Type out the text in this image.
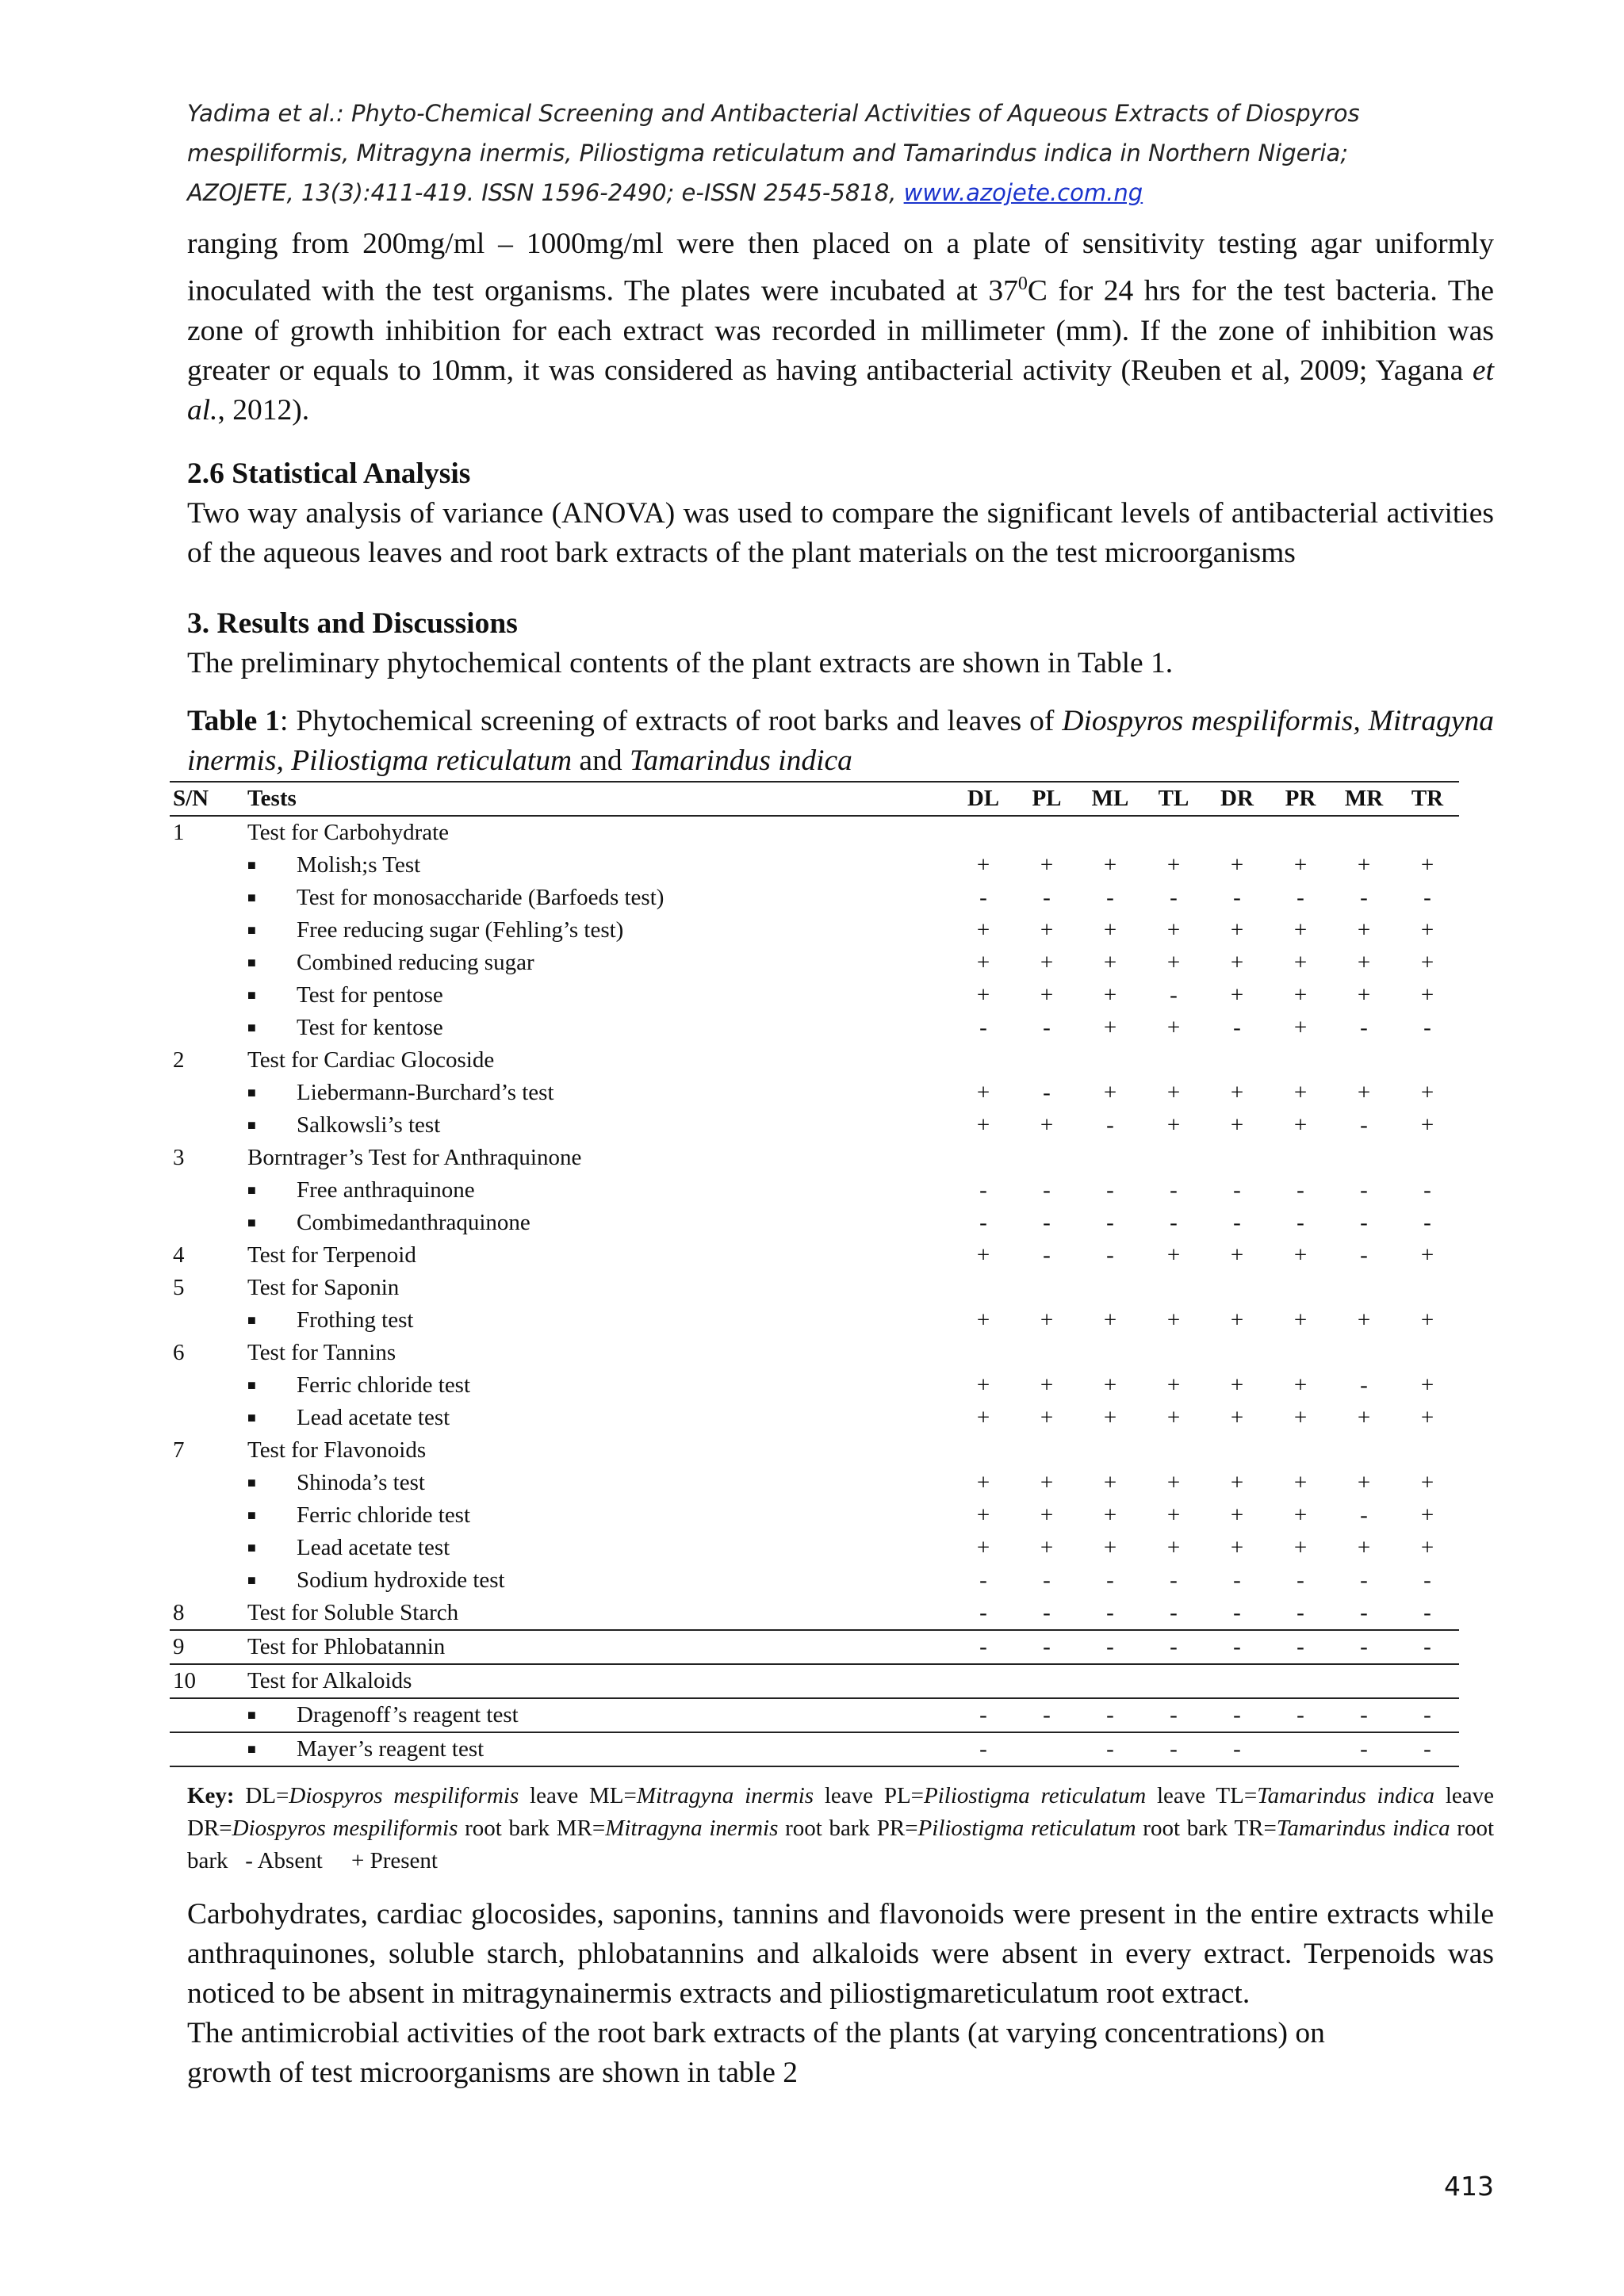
Yadima et al.: Phyto-Chemical Screening and Antibacterial Activities of Aqueous Extracts of Diospyros
mespiliformis, Mitragyna inermis, Piliostigma reticulatum and Tamarindus indica in Northern Nigeria;
AZOJETE, 13(3):411-419. ISSN 1596-2490; e-ISSN 2545-5818, www.azojete.com.ng
ranging from 200mg/ml – 1000mg/ml were then placed on a plate of sensitivity testing agar uniformly inoculated with the test organisms. The plates were incubated at $37^0C$ for 24 hrs for the test bacteria. The zone of growth inhibition for each extract was recorded in millimeter (mm). If the zone of inhibition was greater or equals to 10mm, it was considered as having antibacterial activity (Reuben et al, 2009; Yagana et al., 2012).
2.6 Statistical Analysis
Two way analysis of variance (ANOVA) was used to compare the significant levels of antibacterial activities of the aqueous leaves and root bark extracts of the plant materials on the test microorganisms
3. Results and Discussions
The preliminary phytochemical contents of the plant extracts are shown in Table 1.
Table 1: Phytochemical screening of extracts of root barks and leaves of Diospyros mespiliformis, Mitragyna inermis, Piliostigma reticulatum and Tamarindus indica
S/N	Tests	DL	PL	ML	TL	DR	PR	MR	TR
1	Test for Carbohydrate								

	■ Molish;s Test	+	+	+	+	+	+	+	+

	■ Test for monosaccharide (Barfoeds test)	-	-	-	-	-	-	-	-

	■ Free reducing sugar (Fehling’s test)	+	+	+	+	+	+	+	+

	■ Combined reducing sugar	+	+	+	+	+	+	+	+

	■ Test for pentose	+	+	+	-	+	+	+	+

	■ Test for kentose	-	-	+	+	-	+	-	-
2	Test for Cardiac Glocoside								

	■ Liebermann-Burchard’s test	+	-	+	+	+	+	+	+

	■ Salkowsli’s test	+	+	-	+	+	+	-	+
3	Borntrager’s Test for Anthraquinone								

	■ Free anthraquinone	-	-	-	-	-	-	-	-

	■ Combimedanthraquinone	-	-	-	-	-	-	-	-
4	Test for Terpenoid	+	-	-	+	+	+	-	+
5	Test for Saponin								

	■ Frothing test	+	+	+	+	+	+	+	+
6	Test for Tannins								

	■ Ferric chloride test	+	+	+	+	+	+	-	+

	■ Lead acetate test	+	+	+	+	+	+	+	+
7	Test for Flavonoids								

	■ Shinoda’s test	+	+	+	+	+	+	+	+

	■ Ferric chloride test	+	+	+	+	+	+	-	+

	■ Lead acetate test	+	+	+	+	+	+	+	+

	■ Sodium hydroxide test	-	-	-	-	-	-	-	-
8	Test for Soluble Starch	-	-	-	-	-	-	-	-
9	Test for Phlobatannin	-	-	-	-	-	-	-	-
10	Test for Alkaloids								

	■ Dragenoff’s reagent test	-	-	-	-	-	-	-	-

	■ Mayer’s reagent test	-		-	-	-		-	-
Key: DL=Diospyros mespiliformis leave ML=Mitragyna inermis leave PL=Piliostigma reticulatum leave TL=Tamarindus indica leave DR=Diospyros mespiliformis root bark MR=Mitragyna inermis root bark PR=Piliostigma reticulatum root bark TR=Tamarindus indica root bark   - Absent     + Present
Carbohydrates, cardiac glocosides, saponins, tannins and flavonoids were present in the entire extracts while anthraquinones, soluble starch, phlobatannins and alkaloids were absent in every extract. Terpenoids was noticed to be absent in mitragynainermis extracts and piliostigmareticulatum root extract.
The antimicrobial activities of the root bark extracts of the plants (at varying concentrations) on
growth of test microorganisms are shown in table 2
413
